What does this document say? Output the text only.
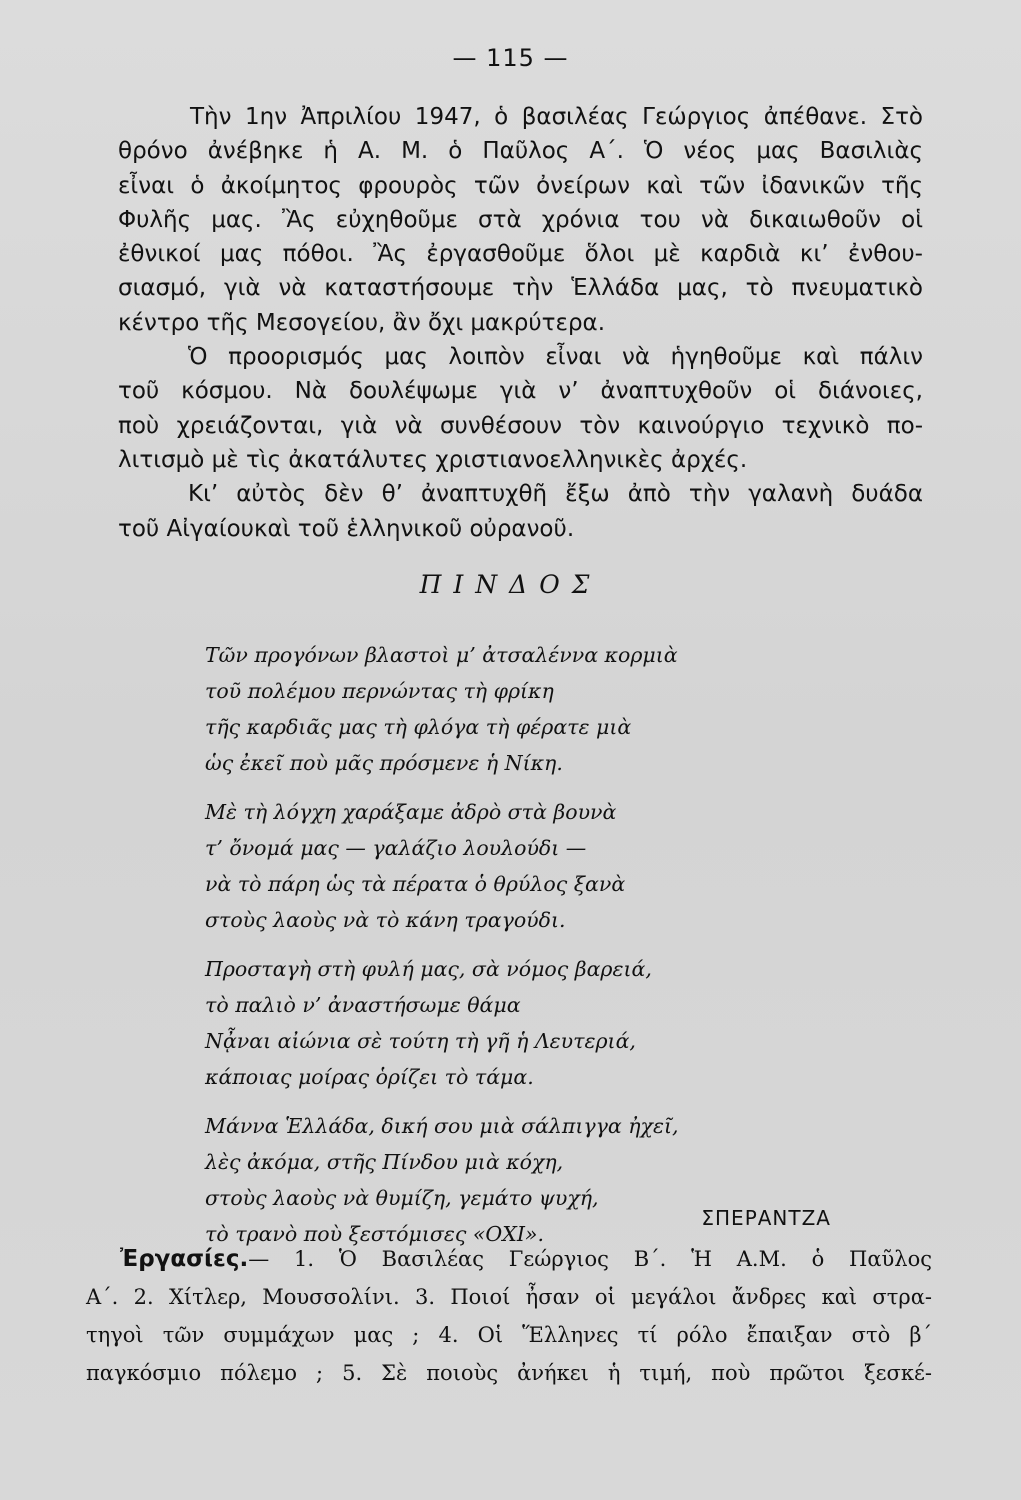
— 115 —
Τὴν 1ην Ἀπριλίου 1947, ὁ βασιλέας Γεώργιος ἀπέθανε. Στὸ
θρόνο ἀνέβηκε ἡ Α. Μ. ὁ Παῦλος Α΄. Ὁ νέος μας Βασιλιὰς
εἶναι ὁ ἀκοίμητος φρουρὸς τῶν ὀνείρων καὶ τῶν ἰδανικῶν τῆς
Φυλῆς μας. Ἂς εὐχηθοῦμε στὰ χρόνια του νὰ δικαιωθοῦν οἱ
ἐθνικοί μας πόθοι. Ἂς ἐργασθοῦμε ὅλοι μὲ καρδιὰ κι’ ἐνθου-
σιασμό, γιὰ νὰ καταστήσουμε τὴν Ἑλλάδα μας, τὸ πνευματικὸ
κέντρο τῆς Μεσογείου, ἂν ὄχι μακρύτερα.
Ὁ προορισμός μας λοιπὸν εἶναι νὰ ἡγηθοῦμε καὶ πάλιν
τοῦ κόσμου. Νὰ δουλέψωμε γιὰ ν’ ἀναπτυχθοῦν οἱ διάνοιες,
ποὺ χρειάζονται, γιὰ νὰ συνθέσουν τὸν καινούργιο τεχνικὸ πο-
λιτισμὸ μὲ τὶς ἀκατάλυτες χριστιανοελληνικὲς ἀρχές.
Κι’ αὐτὸς δὲν θ’ ἀναπτυχθῆ ἔξω ἀπὸ τὴν γαλανὴ δυάδα
τοῦ Αἰγαίουκαὶ τοῦ ἑλληνικοῦ οὐρανοῦ.
ΠΙΝΔΟΣ
Τῶν προγόνων βλαστοὶ μ’ ἀτσαλέννα κορμιὰ
τοῦ πολέμου περνώντας τὴ φρίκη
τῆς καρδιᾶς μας τὴ φλόγα τὴ φέρατε μιὰ
ὡς ἐκεῖ ποὺ μᾶς πρόσμενε ἡ Νίκη.
Μὲ τὴ λόγχη χαράξαμε ἀδρὸ στὰ βουνὰ
τ’ ὄνομά μας — γαλάζιο λουλούδι —
νὰ τὸ πάρη ὡς τὰ πέρατα ὁ θρύλος ξανὰ
στοὺς λαοὺς νὰ τὸ κάνη τραγούδι.
Προσταγὴ στὴ φυλή μας, σὰ νόμος βαρειά,
τὸ παλιὸ ν’ ἀναστήσωμε θάμα
Νᾆναι αἰώνια σὲ τούτη τὴ γῆ ἡ Λευτεριά,
κάποιας μοίρας ὁρίζει τὸ τάμα.
Μάννα Ἑλλάδα, δική σου μιὰ σάλπιγγα ἠχεῖ,
λὲς ἀκόμα, στῆς Πίνδου μιὰ κόχη,
στοὺς λαοὺς νὰ θυμίζη, γεμάτο ψυχή,
τὸ τρανὸ ποὺ ξεστόμισες «ΟΧΙ».
ΣΠΕΡΑΝΤΖΑ
Ἐργασίες.— 1. Ὁ Βασιλέας Γεώργιος Β΄. Ἡ Α.Μ. ὁ Παῦλος
Α΄. 2. Χίτλερ, Μουσσολίνι. 3. Ποιοί ἦσαν οἱ μεγάλοι ἄνδρες καὶ στρα-
τηγοὶ τῶν συμμάχων μας ; 4. Οἱ Ἕλληνες τί ρόλο ἔπαιξαν στὸ β΄
παγκόσμιο πόλεμο ; 5. Σὲ ποιοὺς ἀνήκει ἡ τιμή, ποὺ πρῶτοι ξεσκέ-
